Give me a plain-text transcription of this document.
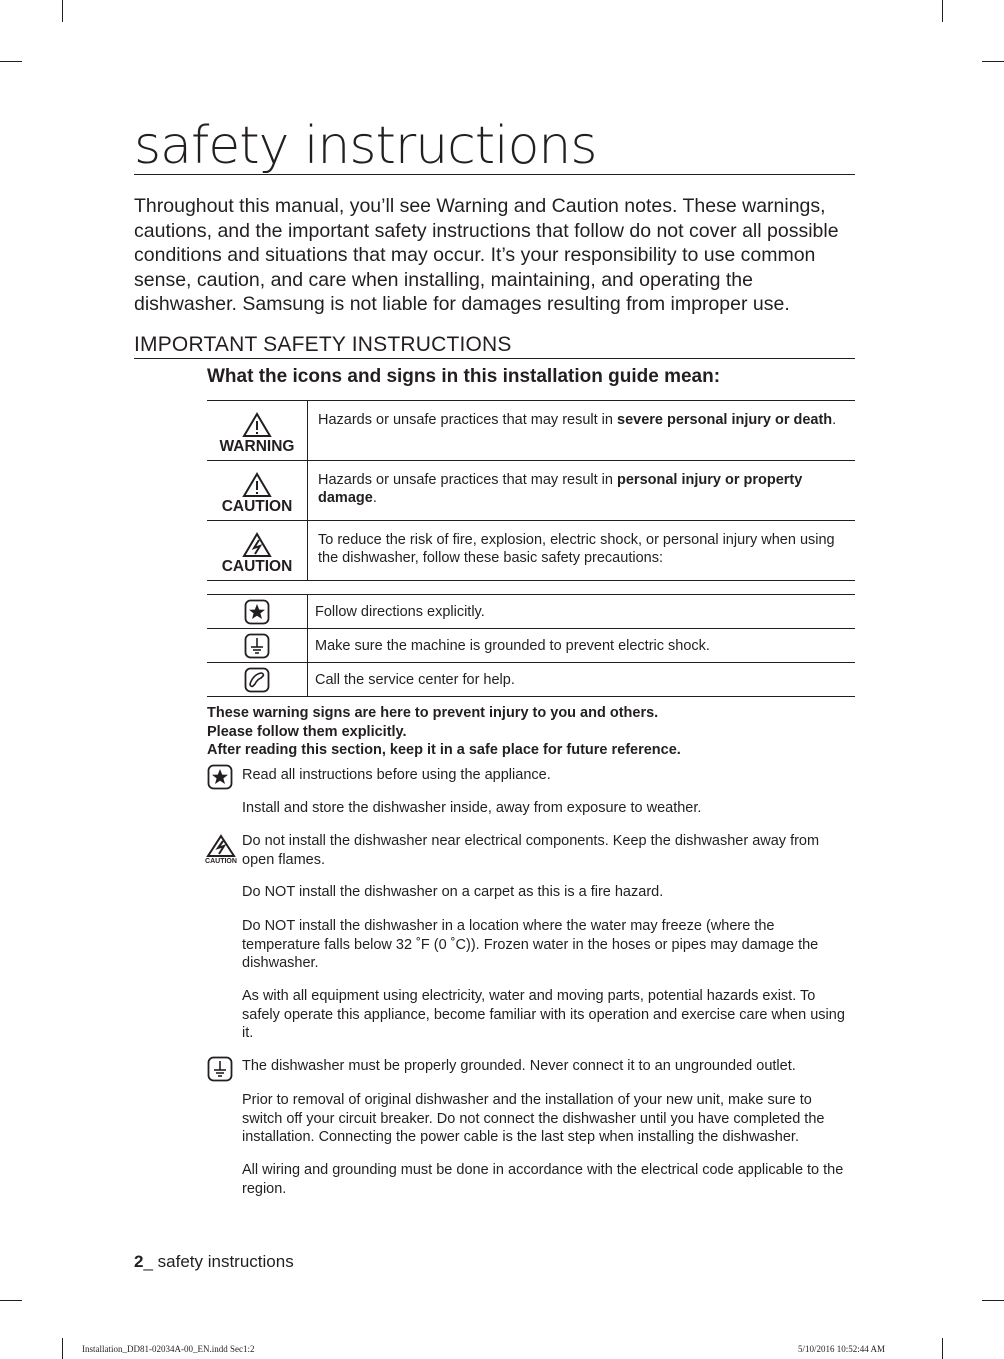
safety instructions
Throughout this manual, you’ll see Warning and Caution notes. These warnings, cautions, and the important safety instructions that follow do not cover all possible conditions and situations that may occur. It’s your responsibility to use common sense, caution, and care when installing, maintaining, and operating the dishwasher. Samsung is not liable for damages resulting from improper use.
IMPORTANT SAFETY INSTRUCTIONS
What the icons and signs in this installation guide mean:
WARNING	Hazards or unsafe practices that may result in severe personal injury or death.

CAUTION	Hazards or unsafe practices that may result in personal injury or property damage.

CAUTION	To reduce the risk of fire, explosion, electric shock, or personal injury when using the dishwasher, follow these basic safety precautions:
	Follow directions explicitly.

	Make sure the machine is grounded to prevent electric shock.

	Call the service center for help.
These warning signs are here to prevent injury to you and others.
Please follow them explicitly.
After reading this section, keep it in a safe place for future reference.
CAUTION
Read all instructions before using the appliance.
Install and store the dishwasher inside, away from exposure to weather.
Do not install the dishwasher near electrical components. Keep the dishwasher away from open flames.
Do NOT install the dishwasher on a carpet as this is a fire hazard.
Do NOT install the dishwasher in a location where the water may freeze (where the temperature falls below 32 ˚F (0 ˚C)). Frozen water in the hoses or pipes may damage the dishwasher.
As with all equipment using electricity, water and moving parts, potential hazards exist. To safely operate this appliance, become familiar with its operation and exercise care when using it.
The dishwasher must be properly grounded. Never connect it to an ungrounded outlet.
Prior to removal of original dishwasher and the installation of your new unit, make sure to switch off your circuit breaker. Do not connect the dishwasher until you have completed the installation. Connecting the power cable is the last step when installing the dishwasher.
All wiring and grounding must be done in accordance with the electrical code applicable to the region.
2_ safety instructions
Installation_DD81-02034A-00_EN.indd Sec1:2	5/10/2016 10:52:44 AM
